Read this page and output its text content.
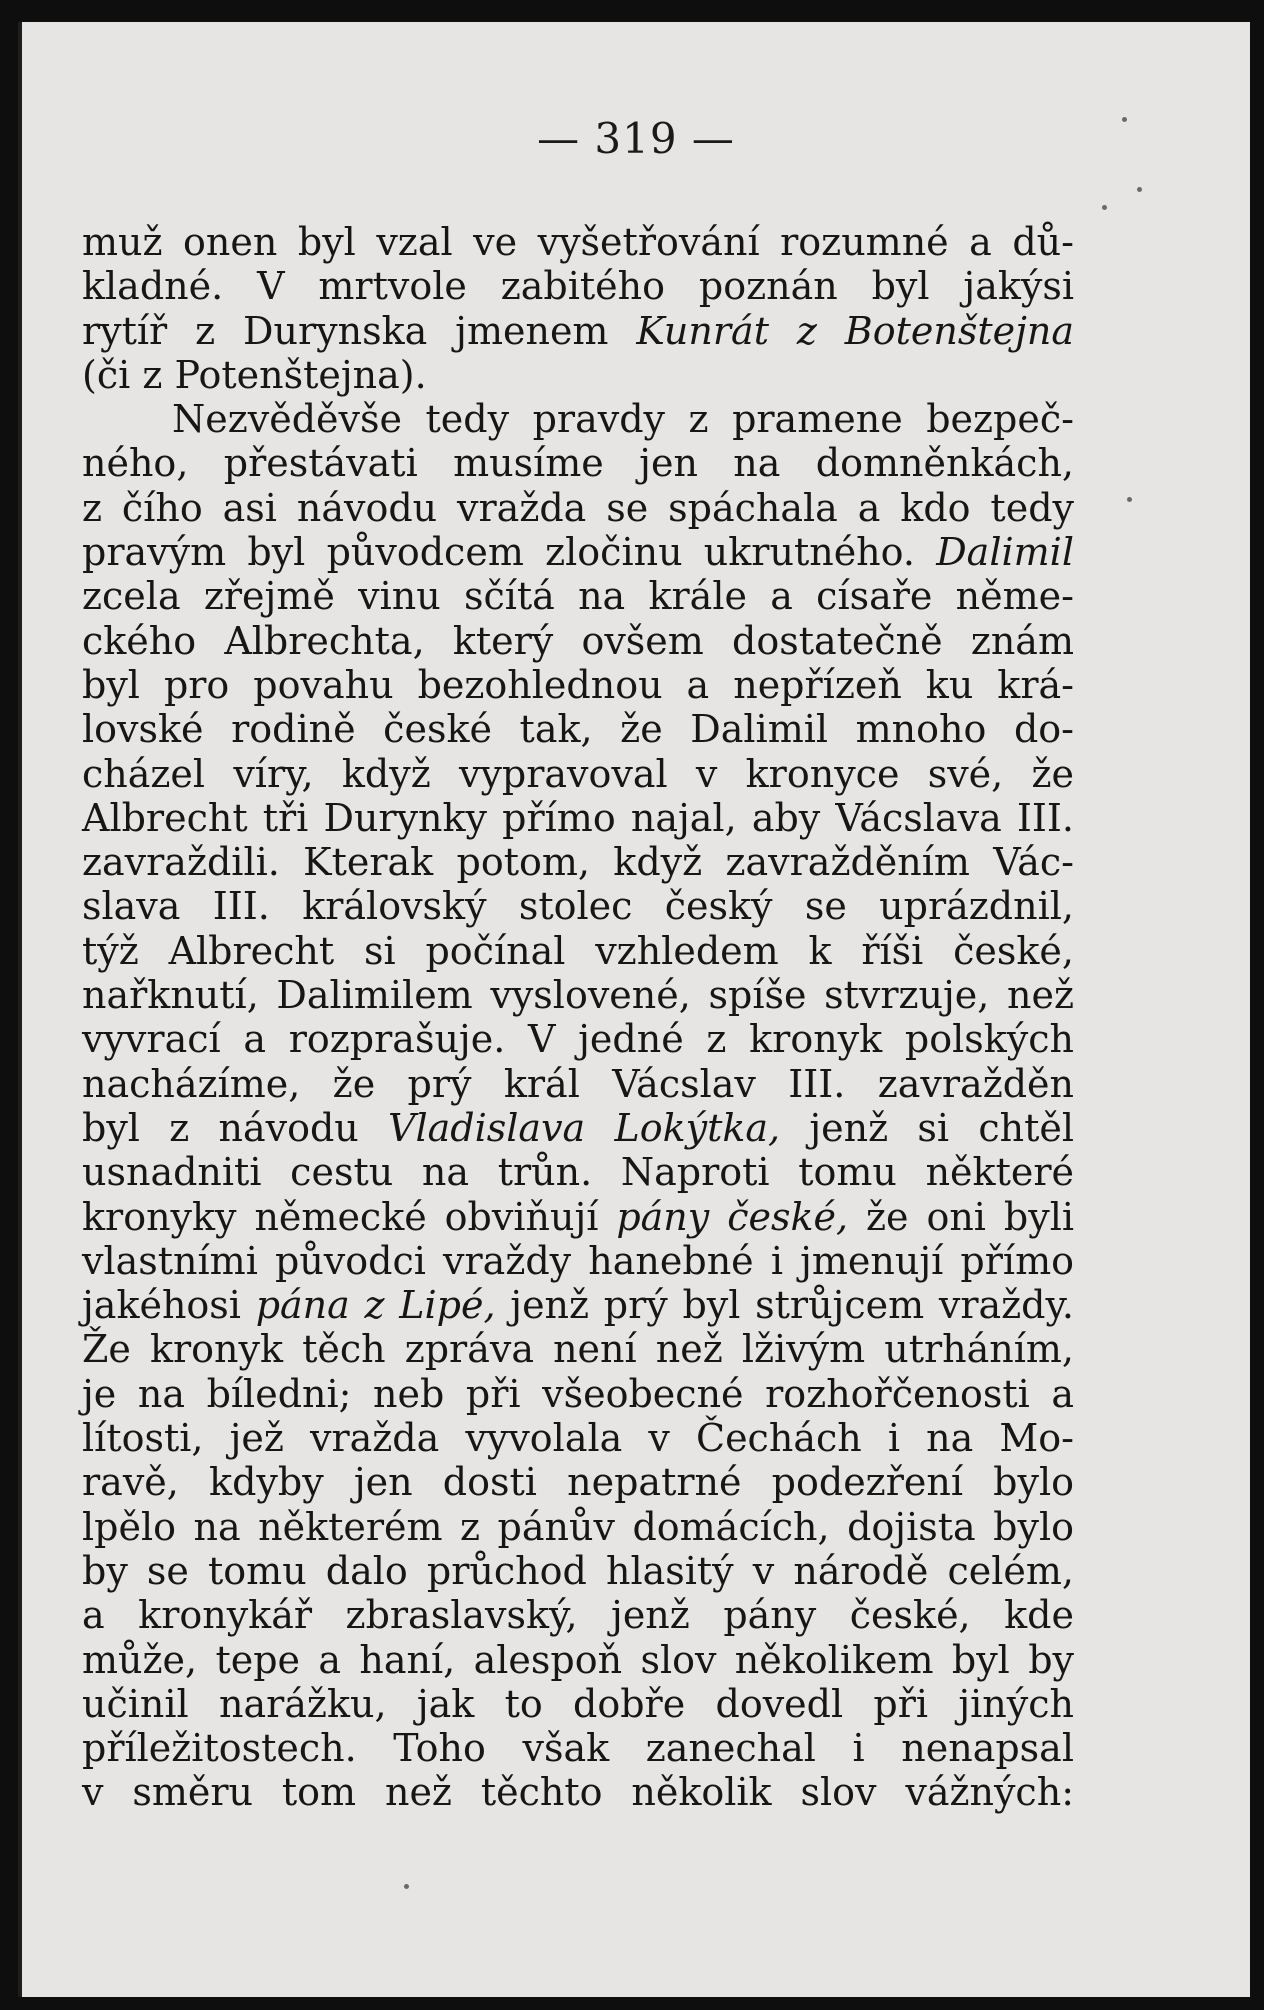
— 319 —
muž onen byl vzal ve vyšetřování rozumné a dů-
kladné. V mrtvole zabitého poznán byl jakýsi
rytíř z Durynska jmenem Kunrát z Botenštejna
(či z Potenštejna).
Nezvěděvše tedy pravdy z pramene bezpeč-
ného, přestávati musíme jen na domněnkách,
z čího asi návodu vražda se spáchala a kdo tedy
pravým byl původcem zločinu ukrutného. Dalimil
zcela zřejmě vinu sčítá na krále a císaře něme-
ckého Albrechta, který ovšem dostatečně znám
byl pro povahu bezohlednou a nepřízeň ku krá-
lovské rodině české tak, že Dalimil mnoho do-
cházel víry, když vypravoval v kronyce své, že
Albrecht tři Durynky přímo najal, aby Vácslava III.
zavraždili. Kterak potom, když zavražděním Vác-
slava III. královský stolec český se uprázdnil,
týž Albrecht si počínal vzhledem k říši české,
nařknutí, Dalimilem vyslovené, spíše stvrzuje, než
vyvrací a rozprašuje. V jedné z kronyk polských
nacházíme, že prý král Vácslav III. zavražděn
byl z návodu Vladislava Lokýtka, jenž si chtěl
usnadniti cestu na trůn. Naproti tomu některé
kronyky německé obviňují pány české, že oni byli
vlastními původci vraždy hanebné i jmenují přímo
jakéhosi pána z Lipé, jenž prý byl strůjcem vraždy.
Že kronyk těch zpráva není než lživým utrháním,
je na bíledni; neb při všeobecné rozhořčenosti a
lítosti, jež vražda vyvolala v Čechách i na Mo-
ravě, kdyby jen dosti nepatrné podezření bylo
lpělo na některém z pánův domácích, dojista bylo
by se tomu dalo průchod hlasitý v národě celém,
a kronykář zbraslavský, jenž pány české, kde
může, tepe a haní, alespoň slov několikem byl by
učinil narážku, jak to dobře dovedl při jiných
příležitostech. Toho však zanechal i nenapsal
v směru tom než těchto několik slov vážných:
